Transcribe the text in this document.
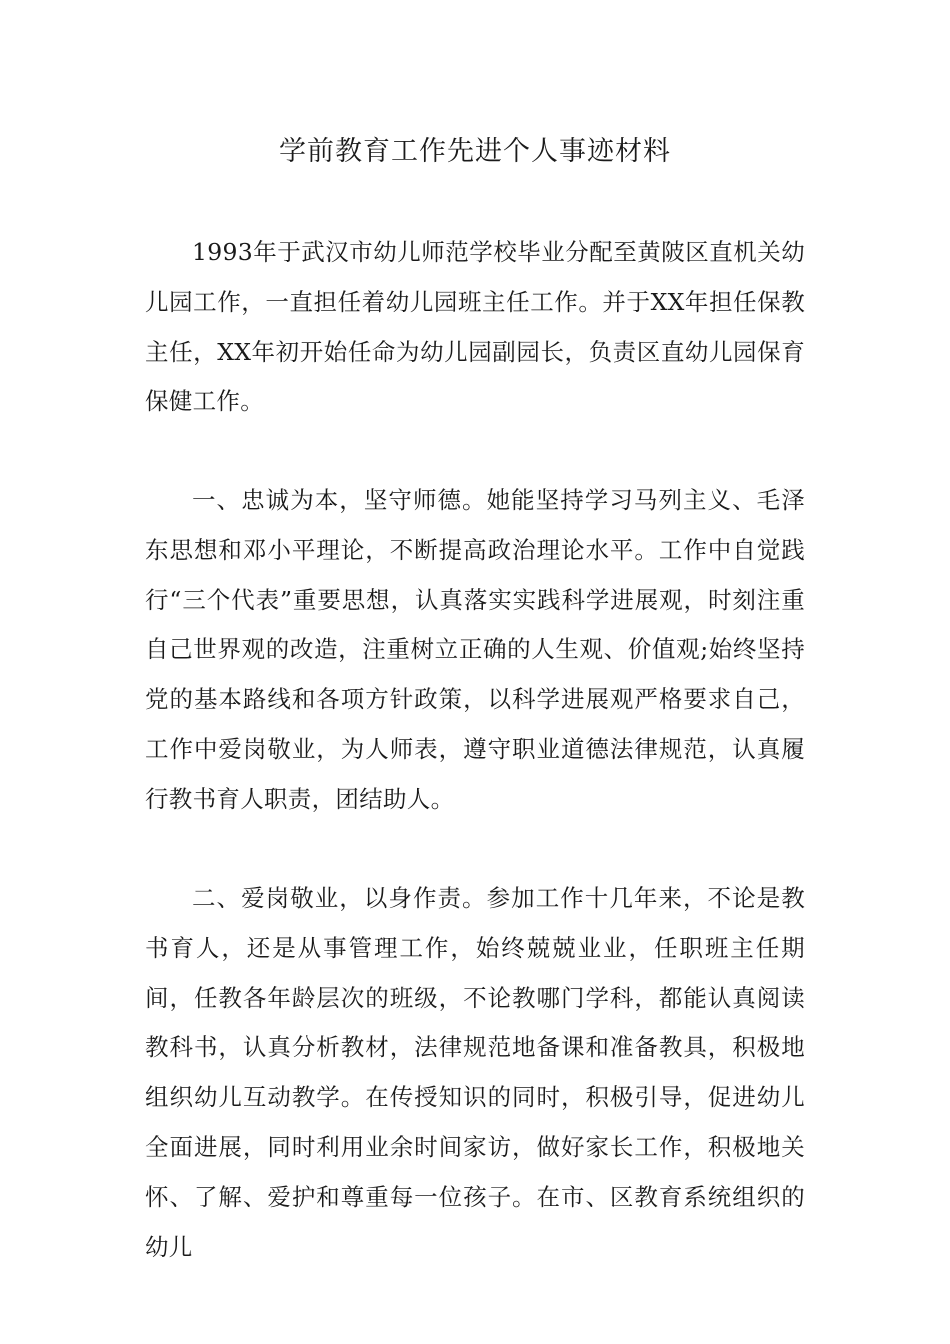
学前教育工作先进个人事迹材料

1993年于武汉市幼儿师范学校毕业分配至黄陂区直机关幼儿园工作，一直担任着幼儿园班主任工作。并于XX年担任保教主任，XX年初开始任命为幼儿园副园长，负责区直幼儿园保育保健工作。

一、忠诚为本，坚守师德。她能坚持学习马列主义、毛泽东思想和邓小平理论，不断提高政治理论水平。工作中自觉践行“三个代表”重要思想，认真落实实践科学进展观，时刻注重自己世界观的改造，注重树立正确的人生观、价值观;始终坚持党的基本路线和各项方针政策，以科学进展观严格要求自己，工作中爱岗敬业，为人师表，遵守职业道德法律规范，认真履行教书育人职责，团结助人。

二、爱岗敬业，以身作责。参加工作十几年来，不论是教书育人，还是从事管理工作，始终兢兢业业，任职班主任期间，任教各年龄层次的班级，不论教哪门学科，都能认真阅读教科书，认真分析教材，法律规范地备课和准备教具，积极地组织幼儿互动教学。在传授知识的同时，积极引导，促进幼儿全面进展，同时利用业余时间家访，做好家长工作，积极地关怀、了解、爱护和尊重每一位孩子。在市、区教育系统组织的幼儿
